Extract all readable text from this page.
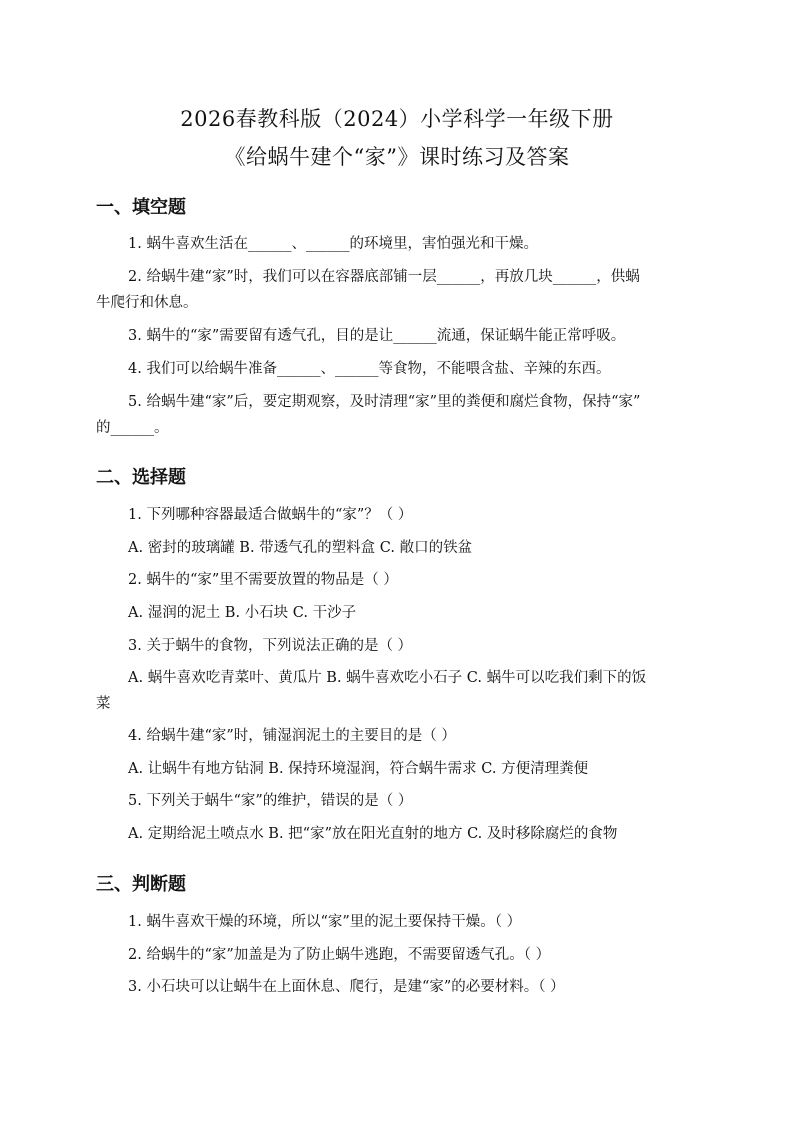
2026春教科版（2024）小学科学一年级下册
《给蜗牛建个“家”》课时练习及答案
一、填空题
1. 蜗牛喜欢生活在______、______的环境里，害怕强光和干燥。
2. 给蜗牛建“家”时，我们可以在容器底部铺一层______，再放几块______，供蜗
牛爬行和休息。
3. 蜗牛的“家”需要留有透气孔，目的是让______流通，保证蜗牛能正常呼吸。
4. 我们可以给蜗牛准备______、______等食物，不能喂含盐、辛辣的东西。
5. 给蜗牛建“家”后，要定期观察，及时清理“家”里的粪便和腐烂食物，保持“家”
的______。
二、选择题
1. 下列哪种容器最适合做蜗牛的“家”？（ ）
A. 密封的玻璃罐 B. 带透气孔的塑料盒 C. 敞口的铁盆
2. 蜗牛的“家”里不需要放置的物品是（ ）
A. 湿润的泥土 B. 小石块 C. 干沙子
3. 关于蜗牛的食物，下列说法正确的是（ ）
A. 蜗牛喜欢吃青菜叶、黄瓜片 B. 蜗牛喜欢吃小石子 C. 蜗牛可以吃我们剩下的饭
菜
4. 给蜗牛建“家”时，铺湿润泥土的主要目的是（ ）
A. 让蜗牛有地方钻洞 B. 保持环境湿润，符合蜗牛需求 C. 方便清理粪便
5. 下列关于蜗牛“家”的维护，错误的是（ ）
A. 定期给泥土喷点水 B. 把“家”放在阳光直射的地方 C. 及时移除腐烂的食物
三、判断题
1. 蜗牛喜欢干燥的环境，所以“家”里的泥土要保持干燥。（ ）
2. 给蜗牛的“家”加盖是为了防止蜗牛逃跑，不需要留透气孔。（ ）
3. 小石块可以让蜗牛在上面休息、爬行，是建“家”的必要材料。（ ）
